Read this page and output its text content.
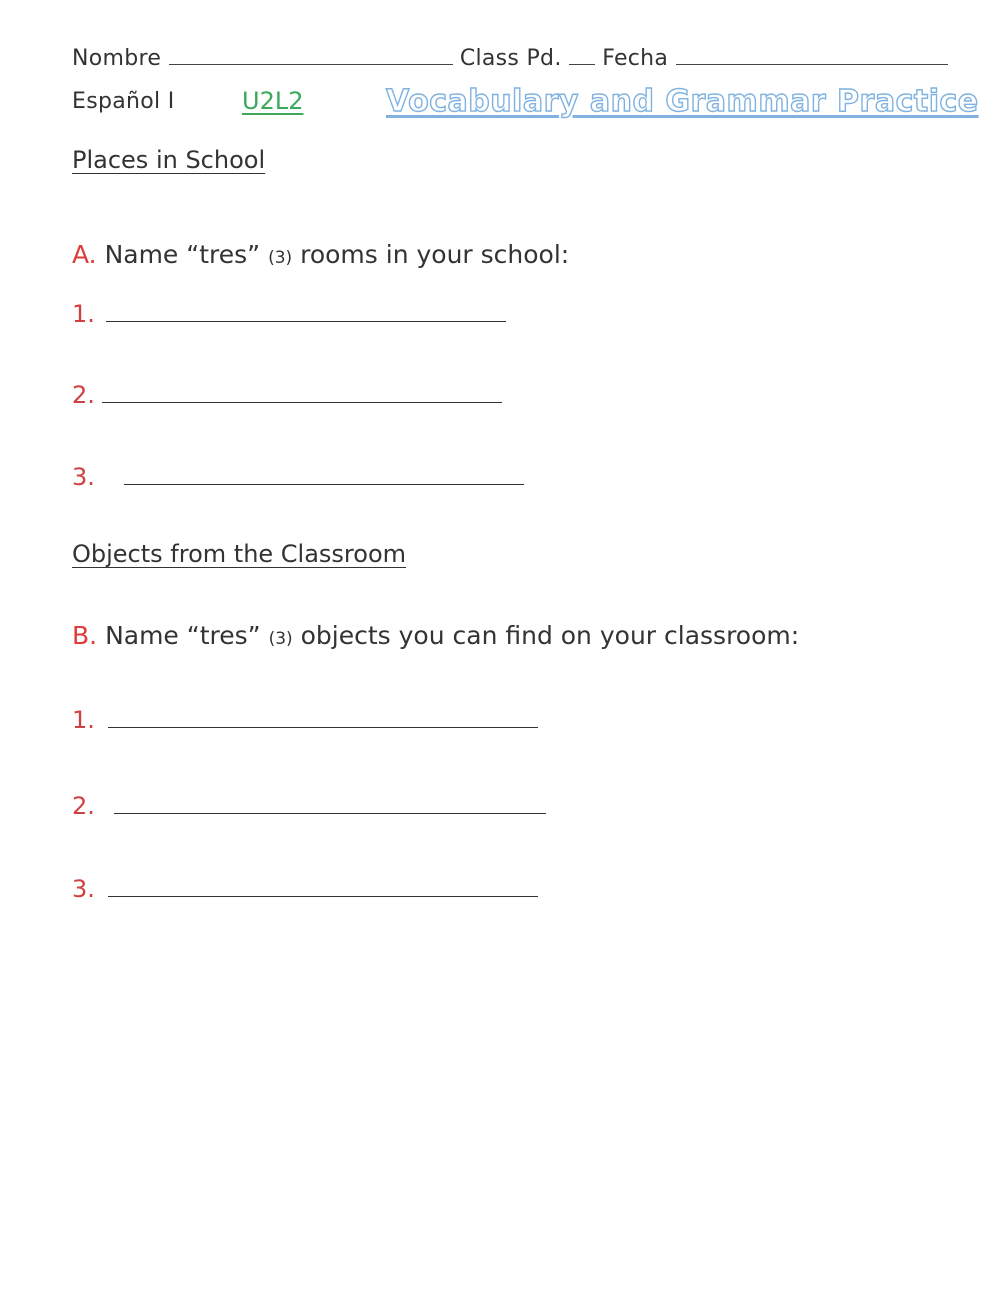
Nombre	Class Pd. Fecha
Español I	U2L2	Vocabulary and Grammar Practice
Places in School
A. Name “tres” (3) rooms in your school:
1.
2.
3.
Objects from the Classroom
B. Name “tres” (3) objects you can find on your classroom:
1.
2.
3.
